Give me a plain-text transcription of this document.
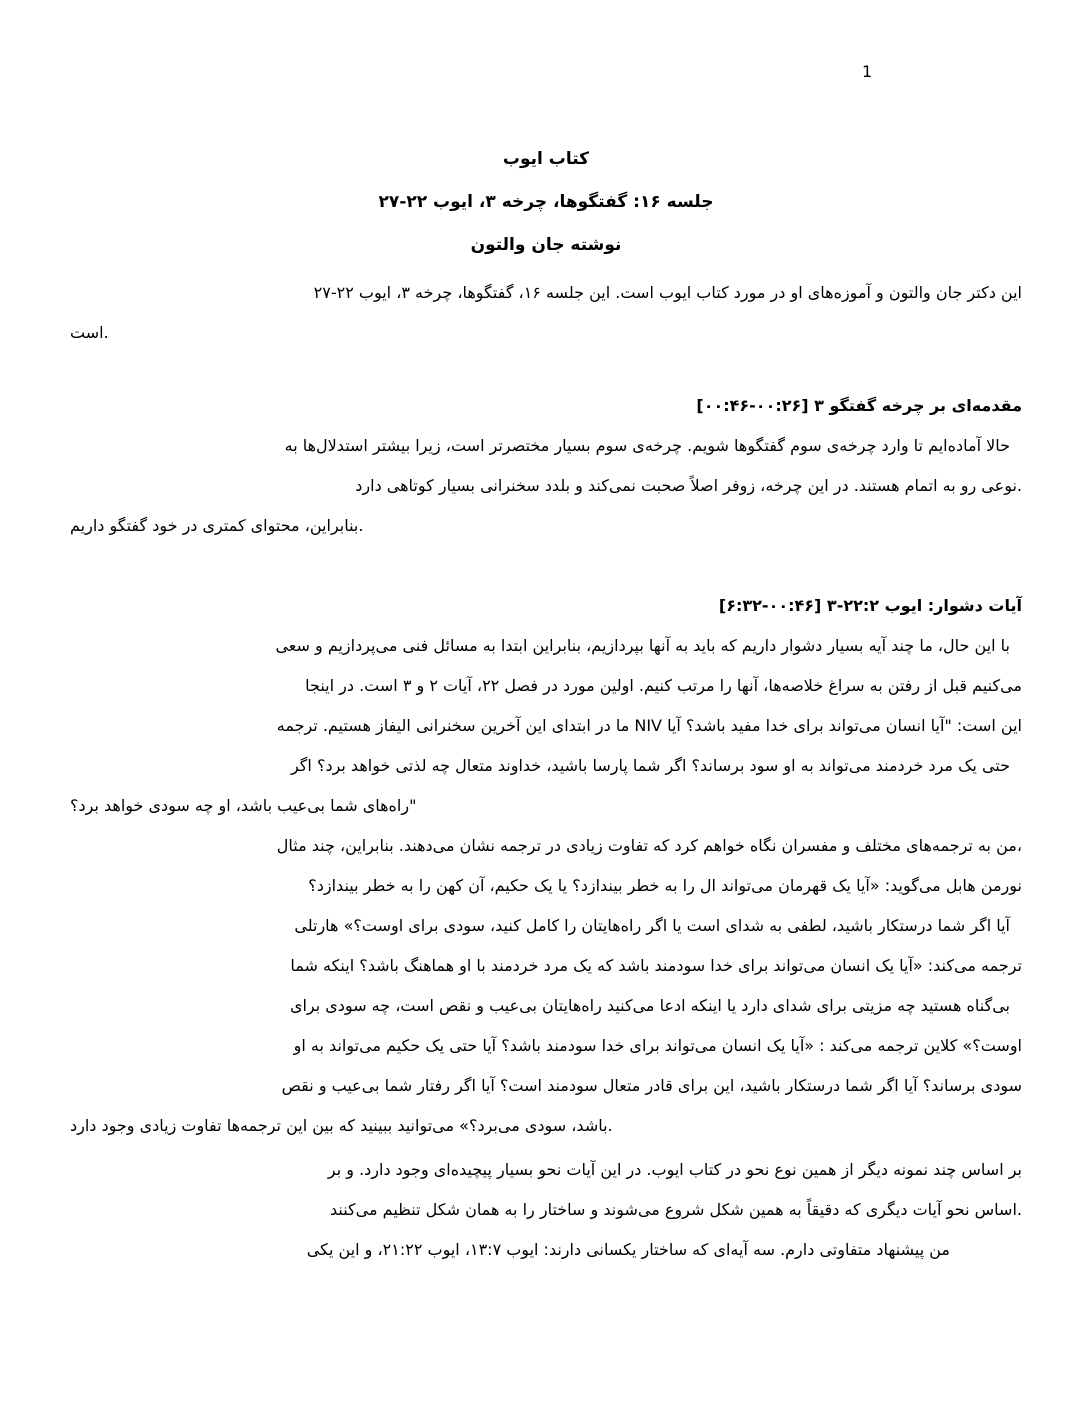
1
کتاب ایوب
جلسه ۱۶: گفتگوها، چرخه ۳، ایوب ۲۲-۲۷
نوشته جان والتون
این دکتر جان والتون و آموزه‌های او در مورد کتاب ایوب است. این جلسه ۱۶، گفتگوها، چرخه ۳، ایوب ۲۲-۲۷
.است
مقدمه‌ای بر چرخه گفتگو ۳ [۰۰:۲۶-۰۰:۴۶]
حالا آماده‌ایم تا وارد چرخه‌ی سوم گفتگوها شویم. چرخه‌ی سوم بسیار مختصرتر است، زیرا بیشتر استدلال‌ها به
.نوعی رو به اتمام هستند. در این چرخه، زوفر اصلاً صحبت نمی‌کند و بلدد سخنرانی بسیار کوتاهی دارد
.بنابراین، محتوای کمتری در خود گفتگو داریم
آیات دشوار: ایوب ۲۲:۲-۳ [۰۰:۴۶-۶:۳۲]
با این حال، ما چند آیه بسیار دشوار داریم که باید به آنها بپردازیم، بنابراین ابتدا به مسائل فنی می‌پردازیم و سعی
می‌کنیم قبل از رفتن به سراغ خلاصه‌ها، آنها را مرتب کنیم. اولین مورد در فصل ۲۲، آیات ۲ و ۳ است. در اینجا
این است: "آیا انسان می‌تواند برای خدا مفید باشد؟ آیا NIV ما در ابتدای این آخرین سخنرانی الیفاز هستیم. ترجمه
حتی یک مرد خردمند می‌تواند به او سود برساند؟ اگر شما پارسا باشید، خداوند متعال چه لذتی خواهد برد؟ اگر
"راه‌های شما بی‌عیب باشد، او چه سودی خواهد برد؟
،من به ترجمه‌های مختلف و مفسران نگاه خواهم کرد که تفاوت زیادی در ترجمه نشان می‌دهند. بنابراین، چند مثال
نورمن هابل می‌گوید: «آیا یک قهرمان می‌تواند ال را به خطر بیندازد؟ یا یک حکیم، آن کهن را به خطر بیندازد؟
آیا اگر شما درستکار باشید، لطفی به شدای است یا اگر راه‌هایتان را کامل کنید، سودی برای اوست؟» هارتلی
ترجمه می‌کند: «آیا یک انسان می‌تواند برای خدا سودمند باشد که یک مرد خردمند با او هماهنگ باشد؟ اینکه شما
بی‌گناه هستید چه مزیتی برای شدای دارد یا اینکه ادعا می‌کنید راه‌هایتان بی‌عیب و نقص است، چه سودی برای
اوست؟» کلاین ترجمه می‌کند : «آیا یک انسان می‌تواند برای خدا سودمند باشد؟ آیا حتی یک حکیم می‌تواند به او
سودی برساند؟ آیا اگر شما درستکار باشید، این برای قادر متعال سودمند است؟ آیا اگر رفتار شما بی‌عیب و نقص
.باشد، سودی می‌برد؟» می‌توانید ببینید که بین این ترجمه‌ها تفاوت زیادی وجود دارد
بر اساس چند نمونه دیگر از همین نوع نحو در کتاب ایوب. در این آیات نحو بسیار پیچیده‌ای وجود دارد. و بر
.اساس نحو آیات دیگری که دقیقاً به همین شکل شروع می‌شوند و ساختار را به همان شکل تنظیم می‌کنند
من پیشنهاد متفاوتی دارم. سه آیه‌ای که ساختار یکسانی دارند: ایوب ۱۳:۷، ایوب ۲۱:۲۲، و این یکی
